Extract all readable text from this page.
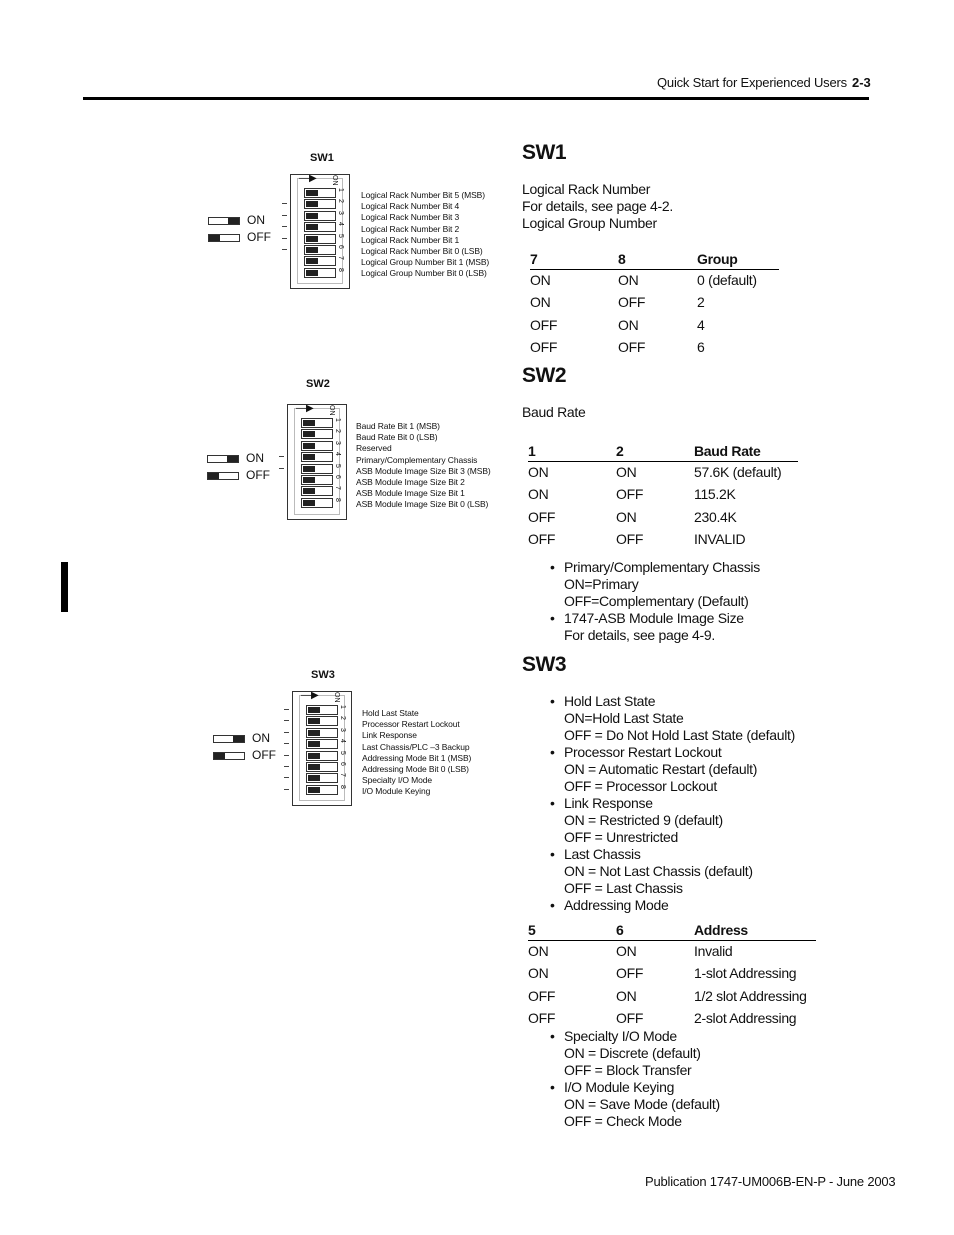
Quick Start for Experienced Users 2-3
SW1
Logical Rack Number
For details, see page 4-2.
Logical Group Number
7	8	Group
ON	ON	0 (default)
ON	OFF	2
OFF	ON	4
OFF	OFF	6
SW2
Baud Rate
1	2	Baud Rate
ON	ON	57.6K (default)
ON	OFF	115.2K
OFF	ON	230.4K
OFF	OFF	INVALID
• Primary/Complementary Chassis
ON=Primary
OFF=Complementary (Default)
• 1747-ASB Module Image Size
For details, see page 4-9.
SW3
• Hold Last State
ON=Hold Last State
OFF = Do Not Hold Last State (default)
• Processor Restart Lockout
ON = Automatic Restart (default)
OFF = Processor Lockout
• Link Response
ON = Restricted 9 (default)
OFF = Unrestricted
• Last Chassis
ON = Not Last Chassis (default)
OFF = Last Chassis
• Addressing Mode
5	6	Address
ON	ON	Invalid
ON	OFF	1-slot Addressing
OFF	ON	1/2 slot Addressing
OFF	OFF	2-slot Addressing
• Specialty I/O Mode
ON = Discrete (default)
OFF = Block Transfer
• I/O Module Keying
ON = Save Mode (default)
OFF = Check Mode
SW1
—▶ ON
1
Logical Rack Number Bit 5 (MSB)
2 Logical Rack Number Bit 4
3 Logical Rack Number Bit 3
4 Logical Rack Number Bit 2
5 Logical Rack Number Bit 1
6 Logical Rack Number Bit 0 (LSB)
7 Logical Group Number Bit 1 (MSB)
8 Logical Group Number Bit 0 (LSB)
ON
OFF
SW2
—▶ ON
1
Baud Rate Bit 1 (MSB)
2
Baud Rate Bit 0 (LSB)
3
Reserved
4
Primary/Complementary Chassis
5
ASB Module Image Size Bit 3 (MSB)
6
ASB Module Image Size Bit 2
7 ASB Module Image Size Bit 1
8 ASB Module Image Size Bit 0 (LSB)
ON
OFF
SW3
—▶ ON
1
Hold Last State
2
Processor Restart Lockout
3
Link Response
4
Last Chassis/PLC –3 Backup
5
Addressing Mode Bit 1 (MSB)
6
Addressing Mode Bit 0 (LSB)
7 Specialty I/O Mode
8 I/O Module Keying
ON
OFF
Publication 1747-UM006B-EN-P - June 2003
